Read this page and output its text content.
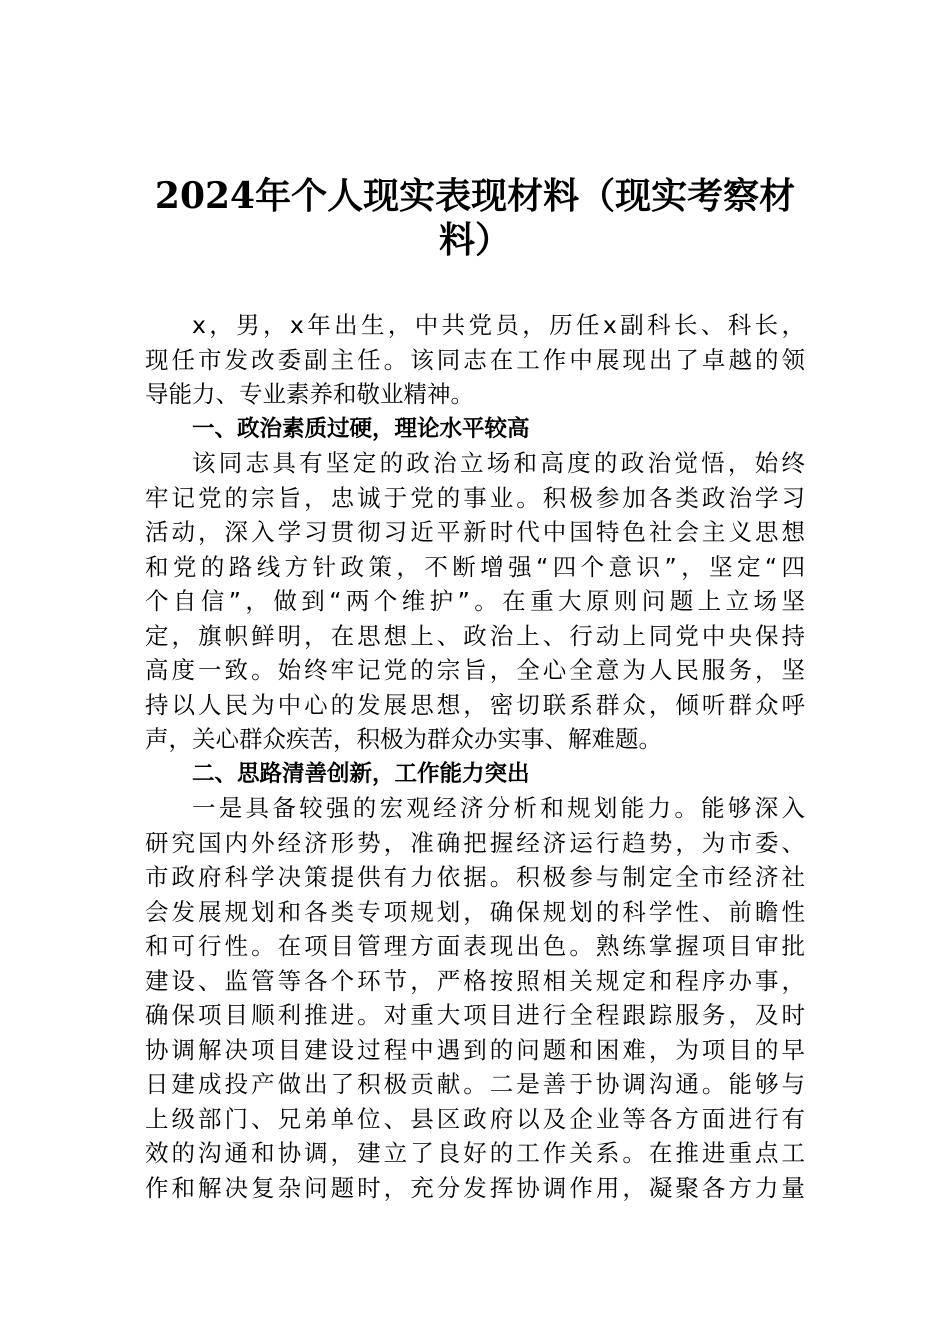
2024年个人现实表现材料（现实考察材
料）
x，男，x年出生，中共党员，历任x副科长、科长，
现任市发改委副主任。该同志在工作中展现出了卓越的领
导能力、专业素养和敬业精神。
一、政治素质过硬，理论水平较高
该同志具有坚定的政治立场和高度的政治觉悟，始终
牢记党的宗旨，忠诚于党的事业。积极参加各类政治学习
活动，深入学习贯彻习近平新时代中国特色社会主义思想
和党的路线方针政策，不断增强“四个意识”，坚定“四
个自信”，做到“两个维护”。在重大原则问题上立场坚
定，旗帜鲜明，在思想上、政治上、行动上同党中央保持
高度一致。始终牢记党的宗旨，全心全意为人民服务，坚
持以人民为中心的发展思想，密切联系群众，倾听群众呼
声，关心群众疾苦，积极为群众办实事、解难题。
二、思路清善创新，工作能力突出
一是具备较强的宏观经济分析和规划能力。能够深入
研究国内外经济形势，准确把握经济运行趋势，为市委、
市政府科学决策提供有力依据。积极参与制定全市经济社
会发展规划和各类专项规划，确保规划的科学性、前瞻性
和可行性。在项目管理方面表现出色。熟练掌握项目审批
建设、监管等各个环节，严格按照相关规定和程序办事，
确保项目顺利推进。对重大项目进行全程跟踪服务，及时
协调解决项目建设过程中遇到的问题和困难，为项目的早
日建成投产做出了积极贡献。二是善于协调沟通。能够与
上级部门、兄弟单位、县区政府以及企业等各方面进行有
效的沟通和协调，建立了良好的工作关系。在推进重点工
作和解决复杂问题时，充分发挥协调作用，凝聚各方力量
